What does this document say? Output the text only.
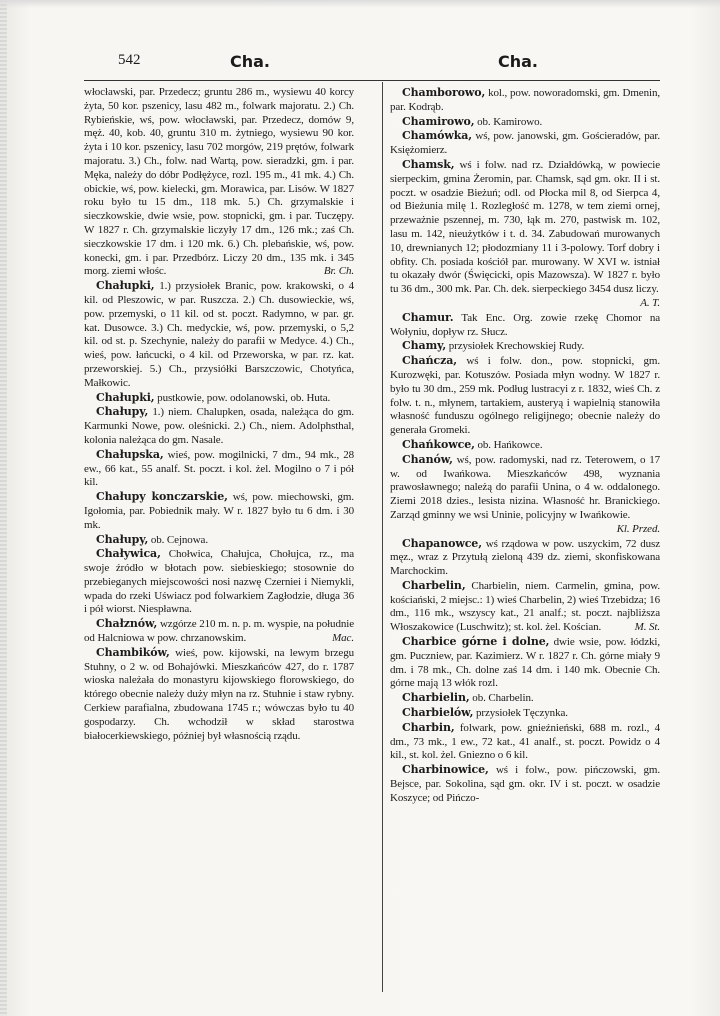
542	Cha.	Cha.

włocławski, par. Przedecz; gruntu 286 m., wysiewu 40 korcy żyta, 50 kor. pszenicy, lasu 482 m., folwark majoratu. 2.) Ch. Rybieńskie, wś, pow. włocławski, par. Przedecz, domów 9, męż. 40, kob. 40, gruntu 310 m. żytniego, wysiewu 90 kor. żyta i 10 kor. pszenicy, lasu 702 morgów, 219 prętów, folwark majoratu. 3.) Ch., folw. nad Wartą, pow. sieradzki, gm. i par. Męka, należy do dóbr Podłężyce, rozl. 195 m., 41 mk. 4.) Ch. obickie, wś, pow. kielecki, gm. Morawica, par. Lisów. W 1827 roku było tu 15 dm., 118 mk. 5.) Ch. grzymalskie i sieczkowskie, dwie wsie, pow. stopnicki, gm. i par. Tuczępy. W 1827 r. Ch. grzymalskie liczyły 17 dm., 126 mk.; zaś Ch. sieczkowskie 17 dm. i 120 mk. 6.) Ch. plebańskie, wś, pow. konecki, gm. i par. Przedbórz. Liczy 20 dm., 135 mk. i 345 morg. ziemi włośc.	Br. Ch.

Chałupki, 1.) przysiołek Branic, pow. krakowski, o 4 kil. od Pleszowic, w par. Ruszcza. 2.) Ch. dusowieckie, wś, pow. przemyski, o 11 kil. od st. poczt. Radymno, w par. gr. kat. Dusowce. 3.) Ch. medyckie, wś, pow. przemyski, o 5,2 kil. od st. p. Szechynie, należy do parafii w Medyce. 4.) Ch., wieś, pow. łańcucki, o 4 kil. od Przeworska, w par. rz. kat. przeworskiej. 5.) Ch., przysiółki Barszczowic, Chotyńca, Małkowic.

Chałupki, pustkowie, pow. odolanowski, ob. Huta.

Chałupy, 1.) niem. Chalupken, osada, należąca do gm. Karmunki Nowe, pow. oleśnicki. 2.) Ch., niem. Adolphsthal, kolonia należąca do gm. Nasale.

Chałupska, wieś, pow. mogilnicki, 7 dm., 94 mk., 28 ew., 66 kat., 55 analf. St. poczt. i kol. żel. Mogilno o 7 i pół kil.

Chałupy konczarskie, wś, pow. miechowski, gm. Igołomia, par. Pobiednik mały. W r. 1827 było tu 6 dm. i 30 mk.

Chałupy, ob. Cejnowa.

Chaływica, Chołwica, Chałujca, Chołujca, rz., ma swoje źródło w błotach pow. siebieskiego; stosownie do przebieganych miejscowości nosi nazwę Czerniei i Niemykli, wpada do rzeki Uświacz pod folwarkiem Zagłodzie, długa 36 i pół wiorst. Niespławna.

Chałznów, wzgórze 210 m. n. p. m. wyspie, na południe od Halcniowa w pow. chrzanowskim.	Mac.

Chambików, wieś, pow. kijowski, na lewym brzegu Stuhny, o 2 w. od Bohajówki. Mieszkańców 427, do r. 1787 wioska należała do monastyru kijowskiego florowskiego, do którego obecnie należy duży młyn na rz. Stuhnie i staw rybny. Cerkiew parafialna, zbudowana 1745 r.; wówczas było tu 40 gospodarzy. Ch. wchodził w skład starostwa białocerkiewskiego, później był własnością rządu.

Chamborowo, kol., pow. noworadomski, gm. Dmenin, par. Kodrąb.

Chamirowo, ob. Kamirowo.

Chamówka, wś, pow. janowski, gm. Gościeradów, par. Księżomierz.

Chamsk, wś i folw. nad rz. Działdówką, w powiecie sierpeckim, gmina Żeromin, par. Chamsk, sąd gm. okr. II i st. poczt. w osadzie Bieżuń; odl. od Płocka mil 8, od Sierpca 4, od Bieżunia milę 1. Rozległość m. 1278, w tem ziemi ornej, przeważnie pszennej, m. 730, łąk m. 270, pastwisk m. 102, lasu m. 142, nieużytków i t. d. 34. Zabudowań murowanych 10, drewnianych 12; płodozmiany 11 i 3-polowy. Torf dobry i obfity. Ch. posiada kościół par. murowany. W XVI w. istniał tu okazały dwór (Święcicki, opis Mazowsza). W 1827 r. było tu 36 dm., 300 mk. Par. Ch. dek. sierpeckiego 3454 dusz liczy.
A. T.

Chamur. Tak Enc. Org. zowie rzekę Chomor na Wołyniu, dopływ rz. Słucz.

Chamy, przysiołek Krechowskiej Rudy.

Chańcza, wś i folw. don., pow. stopnicki, gm. Kurozwęki, par. Kotuszów. Posiada młyn wodny. W 1827 r. było tu 30 dm., 259 mk. Podług lustracyi z r. 1832, wieś Ch. z folw. t. n., młynem, tartakiem, austeryą i wapielnią stanowiła własność funduszu ogólnego religijnego; obecnie należy do generała Gromeki.

Chańkowce, ob. Hańkowce.

Chanów, wś, pow. radomyski, nad rz. Teterowem, o 17 w. od Iwańkowa. Mieszkańców 498, wyznania prawosławnego; należą do parafii Unina, o 4 w. oddalonego. Ziemi 2018 dzies., lesista nizina. Własność hr. Branickiego. Zarząd gminny we wsi Uninie, policyjny w Iwańkowie.
Kl. Przed.

Chapanowce, wś rządowa w pow. uszyckim, 72 dusz męz., wraz z Przytułą zieloną 439 dz. ziemi, skonfiskowana Marchockim.

Charbelin, Charbielin, niem. Carmelin, gmina, pow. kościański, 2 miejsc.: 1) wieś Charbelin, 2) wieś Trzebidza; 16 dm., 116 mk., wszyscy kat., 21 analf.; st. poczt. najbliższa Włoszakowice (Luschwitz); st. kol. żel. Kościan.	M. St.

Charbice górne i dolne, dwie wsie, pow. łódzki, gm. Puczniew, par. Kazimierz. W r. 1827 r. Ch. górne miały 9 dm. i 78 mk., Ch. dolne zaś 14 dm. i 140 mk. Obecnie Ch. górne mają 13 włók rozl.

Charbielin, ob. Charbelin.

Charbielów, przysiołek Tęczynka.

Charbin, folwark, pow. gnieźnieński, 688 m. rozl., 4 dm., 73 mk., 1 ew., 72 kat., 41 analf., st. poczt. Powidz o 4 kil., st. kol. żel. Gniezno o 6 kil.

Charbinowice, wś i folw., pow. pińczowski, gm. Bejsce, par. Sokolina, sąd gm. okr. IV i st. poczt. w osadzie Koszyce; od Pińczo-
